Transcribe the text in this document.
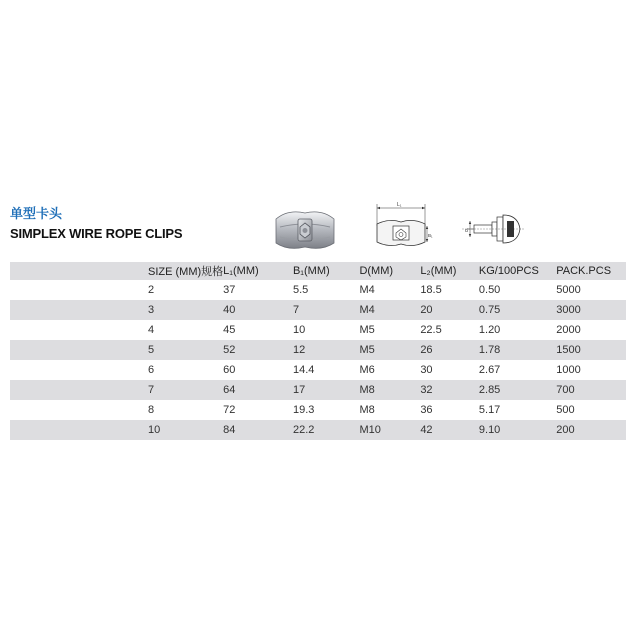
单型卡头
SIMPLEX WIRE ROPE CLIPS
L₁
B₁
d
SIZE (MM)规格	L₁(MM)	B₁(MM)	D(MM)	L₂(MM)	KG/100PCS	PACK.PCS
2	37	5.5	M4	18.5	0.50	5000
3	40	7	M4	20	0.75	3000
4	45	10	M5	22.5	1.20	2000
5	52	12	M5	26	1.78	1500
6	60	14.4	M6	30	2.67	1000
7	64	17	M8	32	2.85	700
8	72	19.3	M8	36	5.17	500
10	84	22.2	M10	42	9.10	200
